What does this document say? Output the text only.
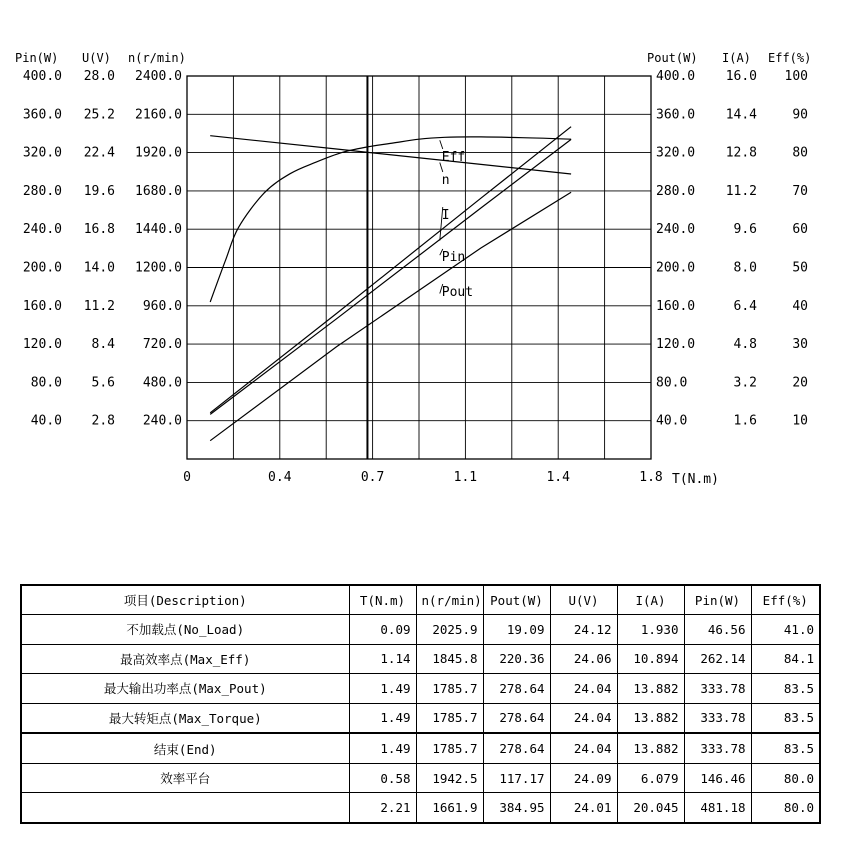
Pin(W)
400.0
360.0
320.0
280.0
240.0
200.0
160.0
120.0
80.0
40.0
U(V)
28.0
25.2
22.4
19.6
16.8
14.0
11.2
8.4
5.6
2.8
n(r/min)
2400.0
2160.0
1920.0
1680.0
1440.0
1200.0
960.0
720.0
480.0
240.0
Pout(W)
400.0
360.0
320.0
280.0
240.0
200.0
160.0
120.0
80.0
40.0
I(A)
16.0
14.4
12.8
11.2
9.6
8.0
6.4
4.8
3.2
1.6
Eff(%)
100
90
80
70
60
50
40
30
20
10
0	0.4	0.7	1.1	1.4	1.8 T(N.m)
Eff
n
I
Pin
Pout
项目(Description)	T(N.m)	n(r/min)	Pout(W)	U(V)	I(A)	Pin(W)	Eff(%)
不加载点(No_Load)	0.09	2025.9	19.09	24.12	1.930	46.56	41.0
最高效率点(Max_Eff)	1.14	1845.8	220.36	24.06	10.894	262.14	84.1
最大输出功率点(Max_Pout)	1.49	1785.7	278.64	24.04	13.882	333.78	83.5
最大转矩点(Max_Torque)	1.49	1785.7	278.64	24.04	13.882	333.78	83.5
结束(End)	1.49	1785.7	278.64	24.04	13.882	333.78	83.5
效率平台	0.58	1942.5	117.17	24.09	6.079	146.46	80.0
	2.21	1661.9	384.95	24.01	20.045	481.18	80.0
